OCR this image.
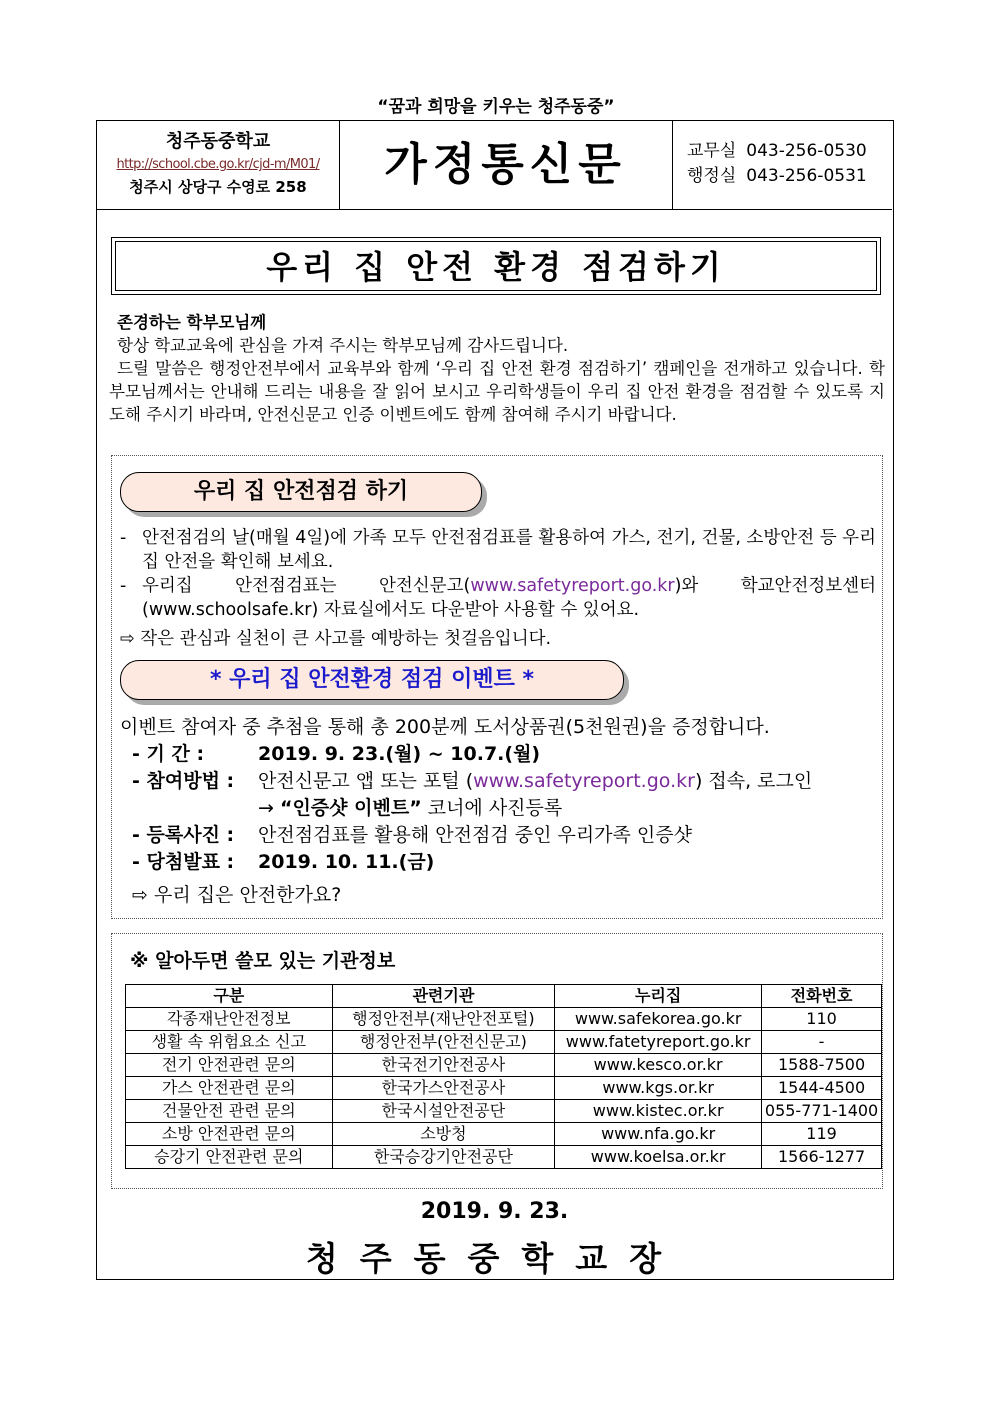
“꿈과 희망을 키우는 청주동중”
청주동중학교
http://school.cbe.go.kr/cjd-m/M01/
청주시 상당구 수영로 258	가정통신문	교무실 043-256-0530
행정실 043-256-0531
우리 집 안전 환경 점검하기
존경하는 학부모님께

항상 학교교육에 관심을 가져 주시는 학부모님께 감사드립니다.

드릴 말씀은 행정안전부에서 교육부와 함께 ‘우리 집 안전 환경 점검하기’ 캠페인을 전개하고 있습니다. 학부모님께서는 안내해 드리는 내용을 잘 읽어 보시고 우리학생들이 우리 집 안전 환경을 점검할 수 있도록 지도해 주시기 바라며, 안전신문고 인증 이벤트에도 함께 참여해 주시기 바랍니다.

우리 집 안전점검 하기
- 안전점검의 날(매월 4일)에 가족 모두 안전점검표를 활용하여 가스, 전기, 건물, 소방안전 등 우리 집 안전을 확인해 보세요.
- 우리집 안전점검표는 안전신문고(www.safetyreport.go.kr)와 학교안전정보센터(www.schoolsafe.kr) 자료실에서도 다운받아 사용할 수 있어요.
⇨ 작은 관심과 실천이 큰 사고를 예방하는 첫걸음입니다.
* 우리 집 안전환경 점검 이벤트 *
이벤트 참여자 중 추첨을 통해 총 200분께 도서상품권(5천원권)을 증정합니다.
- 기 간 :	2019. 9. 23.(월) ~ 10.7.(월)
- 참여방법 : 안전신문고 앱 또는 포털 (www.safetyreport.go.kr) 접속, 로그인
→ “인증샷 이벤트” 코너에 사진등록
- 등록사진 : 안전점검표를 활용해 안전점검 중인 우리가족 인증샷
- 당첨발표 : 2019. 10. 11.(금)
⇨ 우리 집은 안전한가요?
※ 알아두면 쓸모 있는 기관정보
구분	관련기관	누리집	전화번호
각종재난안전정보	행정안전부(재난안전포털)	www.safekorea.go.kr	110
생활 속 위험요소 신고	행정안전부(안전신문고)	www.fatetyreport.go.kr	-
전기 안전관련 문의	한국전기안전공사	www.kesco.or.kr	1588-7500
가스 안전관련 문의	한국가스안전공사	www.kgs.or.kr	1544-4500
건물안전 관련 문의	한국시설안전공단	www.kistec.or.kr	055-771-1400
소방 안전관련 문의	소방청	www.nfa.go.kr	119
승강기 안전관련 문의	한국승강기안전공단	www.koelsa.or.kr	1566-1277
2019. 9. 23.
청주동중학교장
